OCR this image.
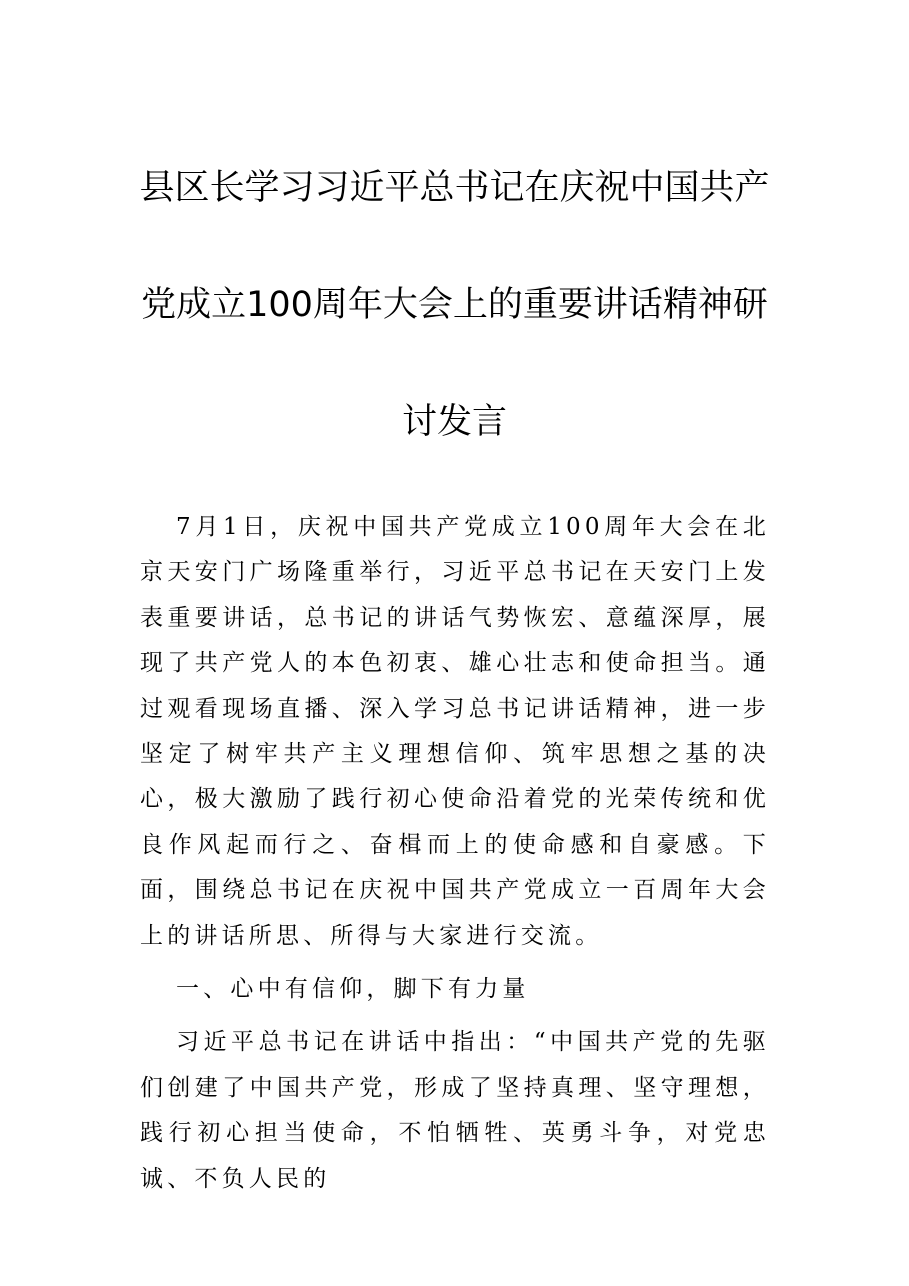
县区长学习习近平总书记在庆祝中国共产
党成立100周年大会上的重要讲话精神研
讨发言

7月1日，庆祝中国共产党成立100周年大会在北京天安门广场隆重举行，习近平总书记在天安门上发表重要讲话，总书记的讲话气势恢宏、意蕴深厚，展现了共产党人的本色初衷、雄心壮志和使命担当。通过观看现场直播、深入学习总书记讲话精神，进一步坚定了树牢共产主义理想信仰、筑牢思想之基的决心，极大激励了践行初心使命沿着党的光荣传统和优良作风起而行之、奋楫而上的使命感和自豪感。下面，围绕总书记在庆祝中国共产党成立一百周年大会上的讲话所思、所得与大家进行交流。

一、心中有信仰，脚下有力量

习近平总书记在讲话中指出：“中国共产党的先驱们创建了中国共产党，形成了坚持真理、坚守理想，践行初心担当使命，不怕牺牲、英勇斗争，对党忠诚、不负人民的
